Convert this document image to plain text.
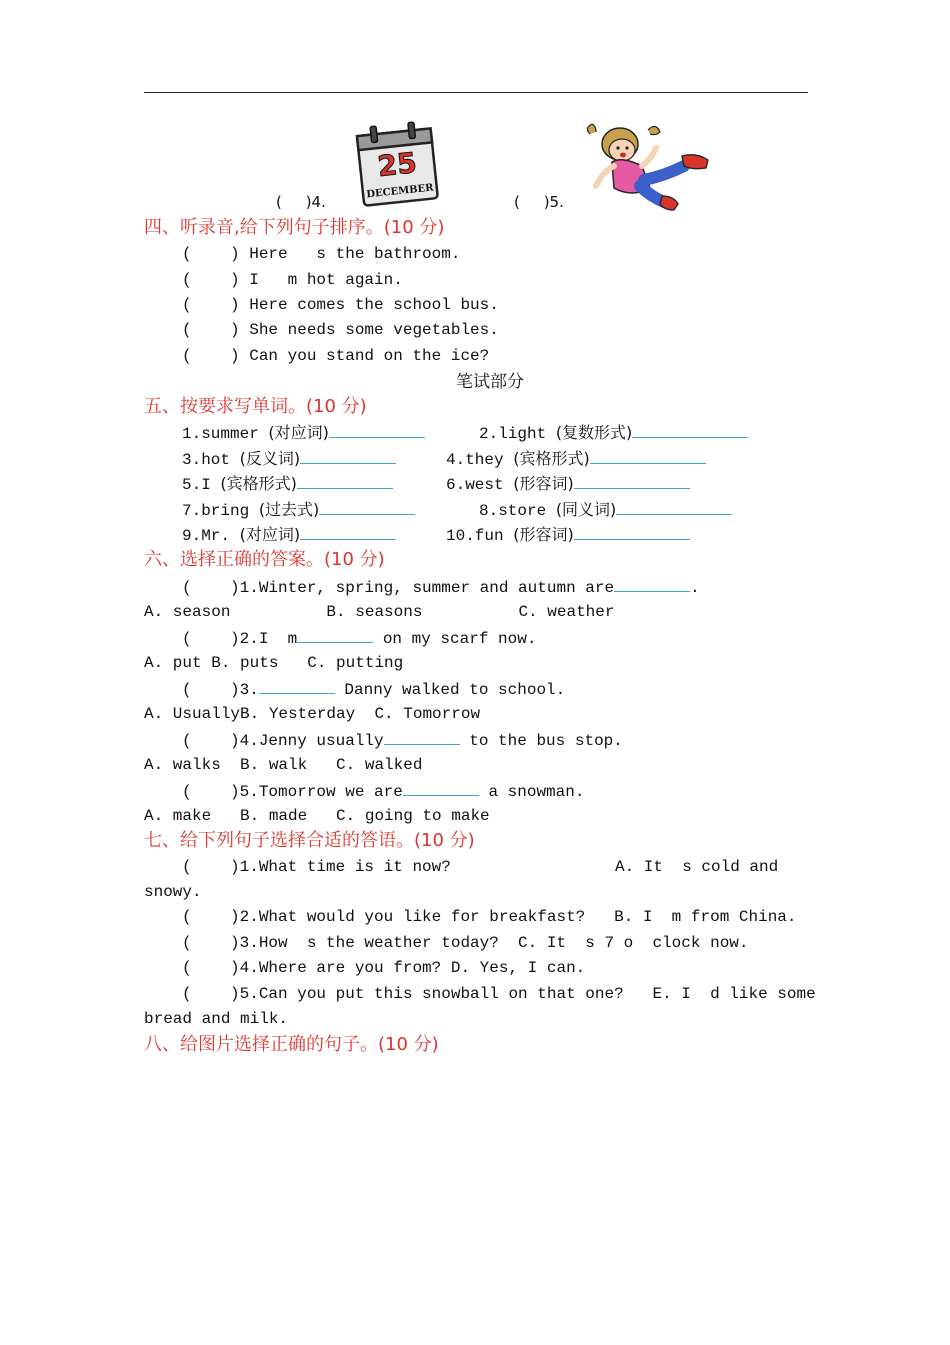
(     )4.
25
DECEMBER
(     )5.
四、听录音,给下列句子排序。(10 分)
(    ) Here   s the bathroom.
(    ) I   m hot again.
(    ) Here comes the school bus.
(    ) She needs some vegetables.
(    ) Can you stand on the ice?
笔试部分
五、按要求写单词。(10 分)
1.summer (对应词)	2.light (复数形式)
3.hot (反义词)	4.they (宾格形式)
5.I (宾格形式)	6.west (形容词)
7.bring (过去式)	8.store (同义词)
9.Mr. (对应词)	10.fun (形容词)
六、选择正确的答案。(10 分)
(    )1.Winter, spring, summer and autumn are	.
A. season          B. seasons          C. weather
(    )2.I  m	on my scarf now.
A. put B. puts   C. putting
(    )3.	Danny walked to school.
A. UsuallyB. Yesterday  C. Tomorrow
(    )4.Jenny usually	to the bus stop.
A. walks  B. walk   C. walked
(    )5.Tomorrow we are	a snowman.
A. make   B. made   C. going to make
七、给下列句子选择合适的答语。(10 分)
(    )1.What time is it now?	A. It  s cold and
snowy.
(    )2.What would you like for breakfast?   B. I  m from China.
(    )3.How  s the weather today?  C. It  s 7 o  clock now.
(    )4.Where are you from? D. Yes, I can.
(    )5.Can you put this snowball on that one?   E. I  d like some
bread and milk.
八、给图片选择正确的句子。(10 分)
